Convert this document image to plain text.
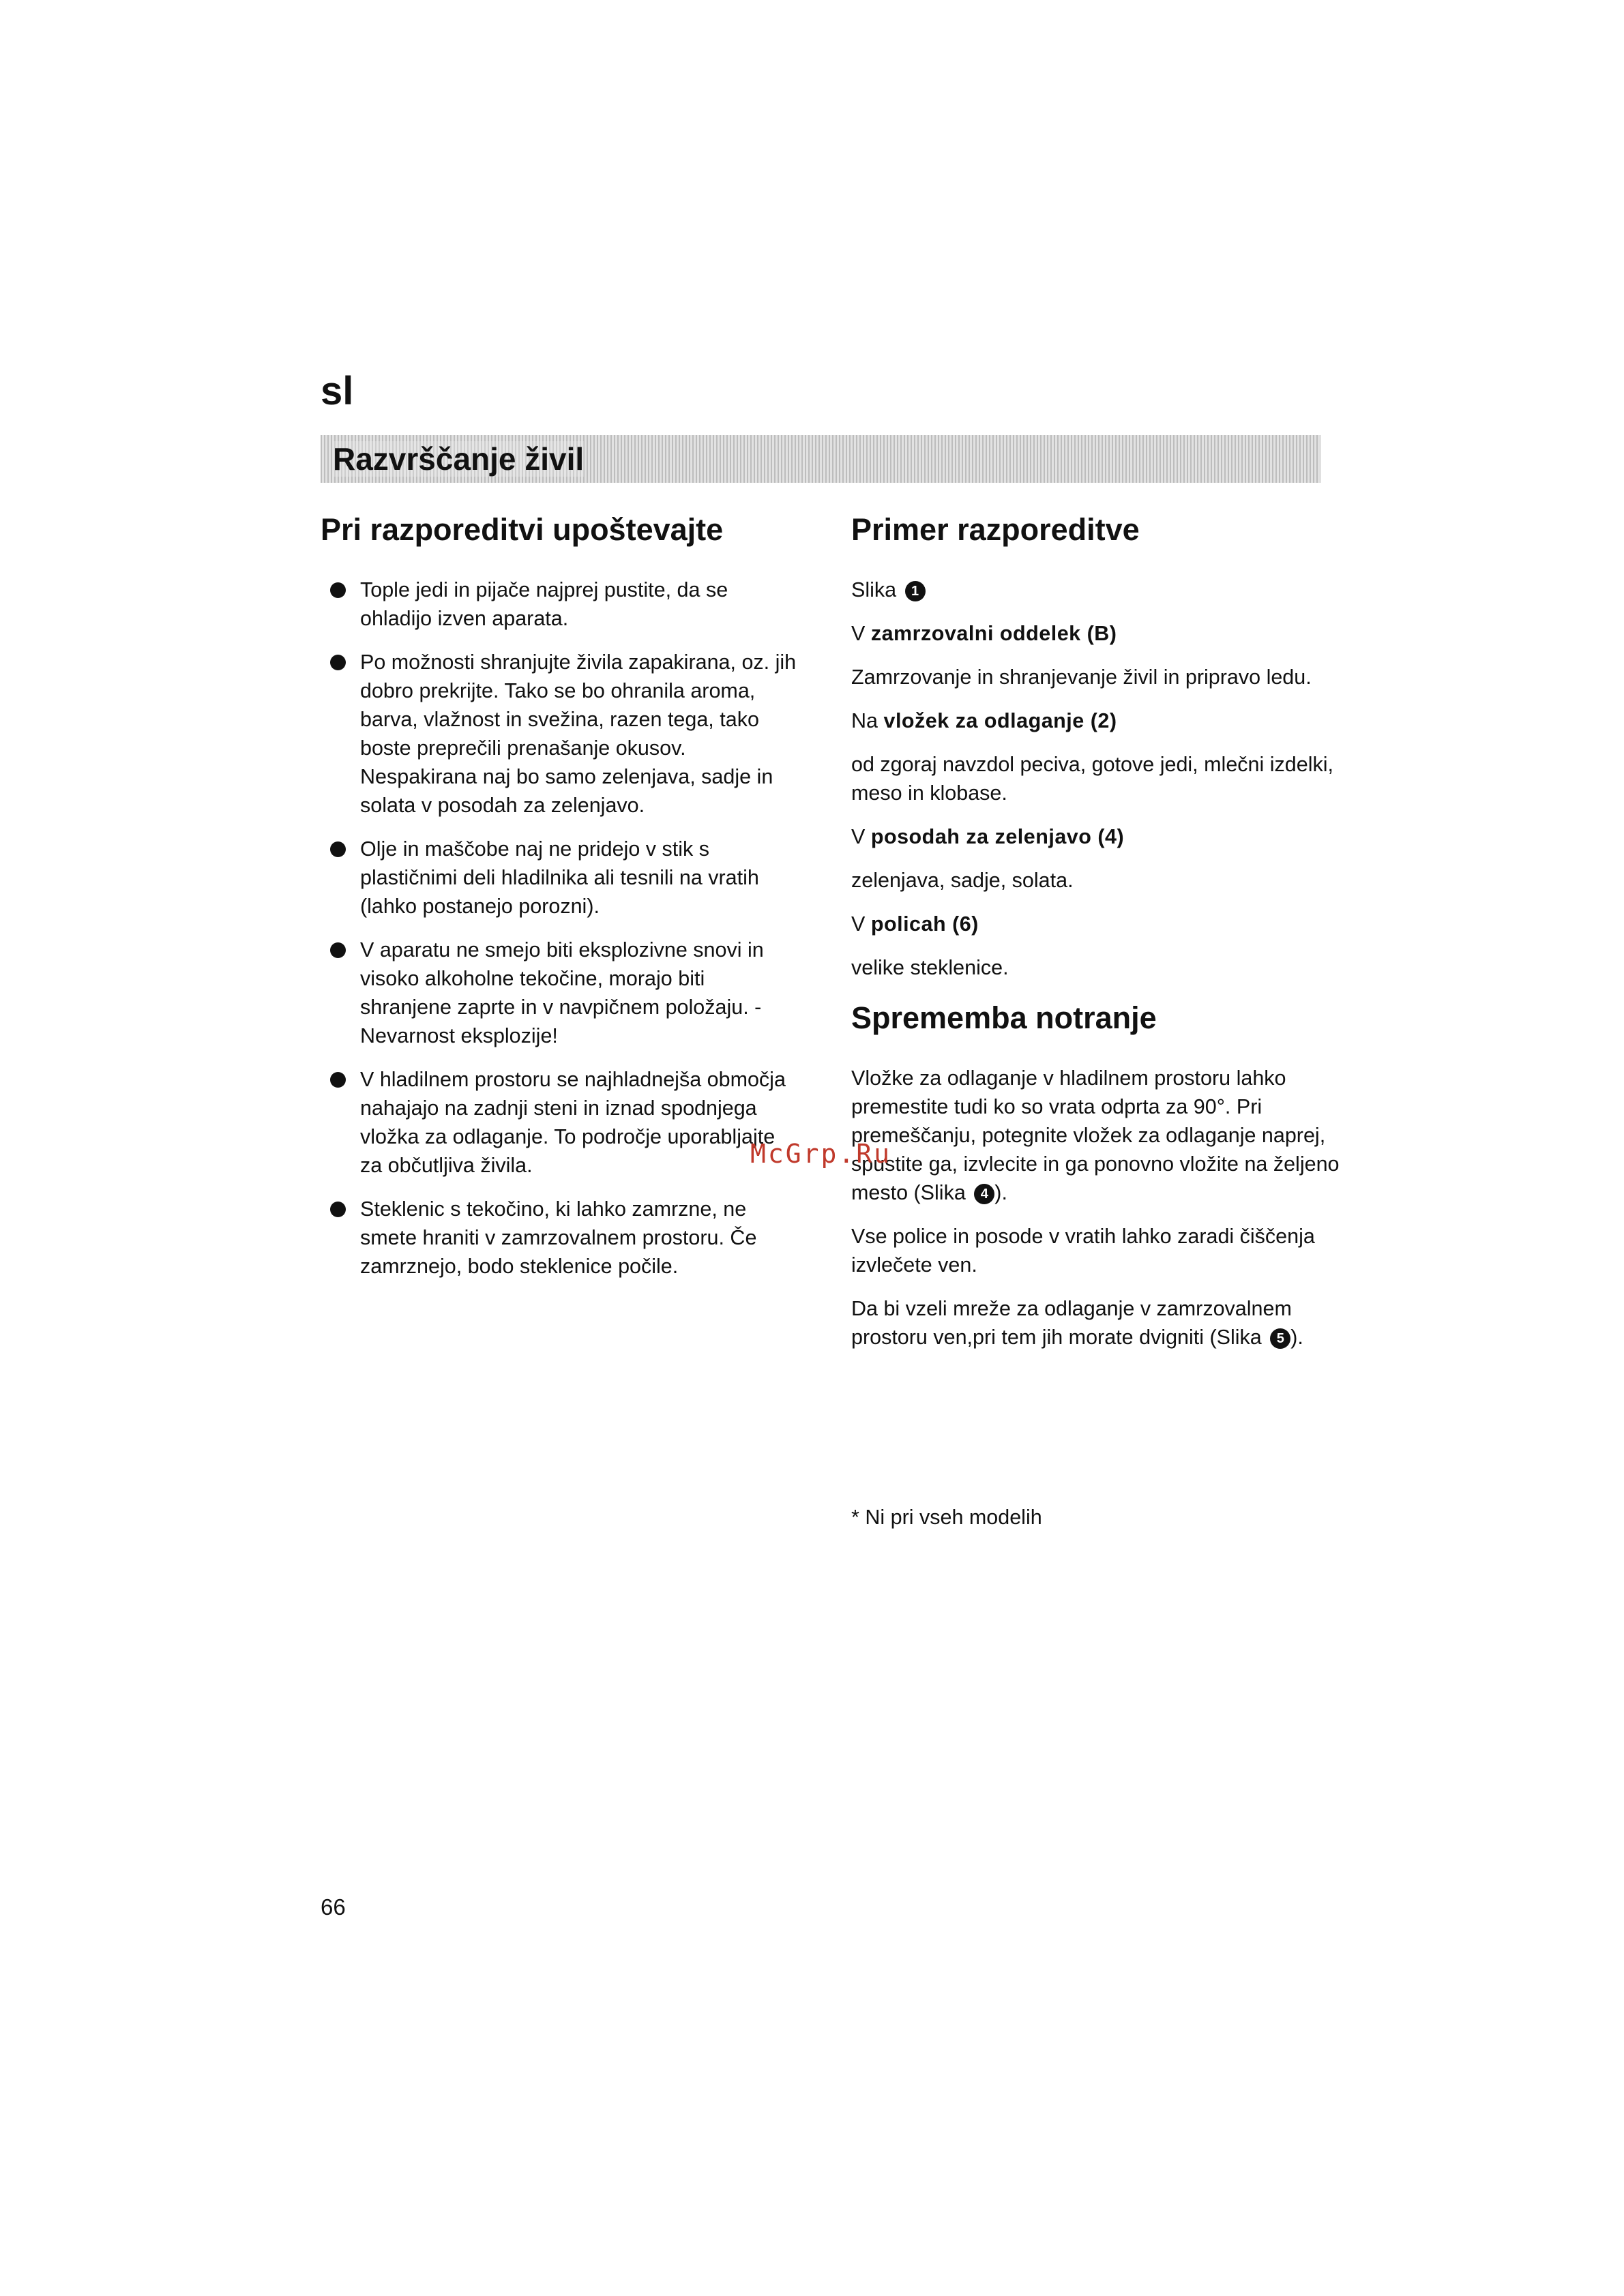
sl
Razvrščanje živil
Pri razporeditvi upoštevajte
Tople jedi in pijače najprej pustite, da se ohladijo izven aparata.
Po možnosti shranjujte živila zapakirana, oz. jih dobro prekrijte. Tako se bo ohranila aroma, barva, vlažnost in svežina, razen tega, tako boste preprečili prenašanje okusov. Nespakirana naj bo samo zelenjava, sadje in solata v posodah za zelenjavo.
Olje in maščobe naj ne pridejo v stik s plastičnimi deli hladilnika ali tesnili na vratih (lahko postanejo porozni).
V aparatu ne smejo biti eksplozivne snovi in visoko alkoholne tekočine, morajo biti shranjene zaprte in v navpičnem položaju. - Nevarnost eksplozije!
V hladilnem prostoru se najhladnejša območja nahajajo na zadnji steni in iznad spodnjega vložka za odlaganje. To področje uporabljajte za občutljiva živila.
Steklenic s tekočino, ki lahko zamrzne, ne smete hraniti v zamrzovalnem prostoru. Če zamrznejo, bodo steklenice počile.
Primer razporeditve

Slika 1

V zamrzovalni oddelek (B)

Zamrzovanje in shranjevanje živil in pripravo ledu.

Na vložek za odlaganje (2)

od zgoraj navzdol peciva, gotove jedi, mlečni izdelki, meso in klobase.

V posodah za zelenjavo (4)

zelenjava, sadje, solata.

V policah (6)

velike steklenice.

Sprememba notranje

Vložke za odlaganje v hladilnem prostoru lahko premestite tudi ko so vrata odprta za 90°. Pri premeščanju, potegnite vložek za odlaganje naprej, spustite ga, izvlecite in ga ponovno vložite na željeno mesto (Slika 4 ).

Vse police in posode v vratih lahko zaradi čiščenja izvlečete ven.

Da bi vzeli mreže za odlaganje v zamrzovalnem prostoru ven,pri tem jih morate dvigniti (Slika 5 ).

* Ni pri vseh modelih
McGrp.Ru
66
